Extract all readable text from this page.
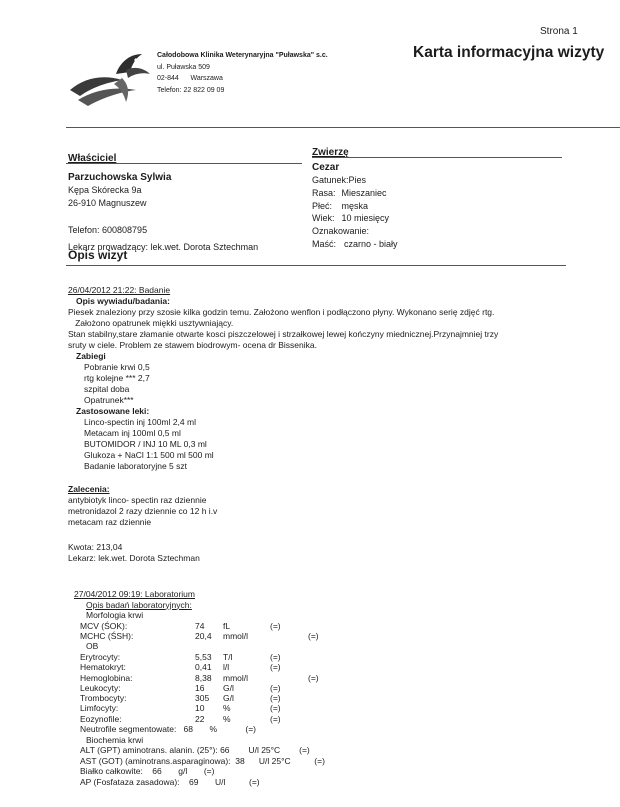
Strona 1
Całodobowa Klinika Weterynaryjna "Puławska" s.c.
ul. Puławska 509
02-844 Warszawa
Telefon: 22 822 09 09
Karta informacyjna wizyty
Właściciel
Parzuchowska Sylwia
Kępa Skórecka 9a
26-910 Magnuszew
Telefon: 600808795
Lekarz prowadzący: lek.wet. Dorota Sztechman
Zwierzę
Cezar
Gatunek:Pies
Rasa:	Mieszaniec
Płeć:	męska
Wiek:	10 miesięcy
Oznakowanie:
Maść:	czarno - biały
Opis wizyt
26/04/2012 21:22: Badanie
Opis wywiadu/badania:
Piesek znaleziony przy szosie kilka godzin temu. Założono wenflon i podłączono płyny. Wykonano serię zdjęć rtg.
Założono opatrunek miękki usztywniający.
Stan stabilny,stare złamanie otwarte kosci piszczelowej i strzałkowej lewej kończyny miednicznej.Przynajmniej trzy
sruty w ciele. Problem ze stawem biodrowym- ocena dr Bissenika.
Zabiegi
Pobranie krwi 0,5
rtg kolejne *** 2,7
szpital doba
Opatrunek***
Zastosowane leki:
Linco-spectin inj 100ml 2,4 ml
Metacam inj 100ml 0,5 ml
BUTOMIDOR / INJ 10 ML 0,3 ml
Glukoza + NaCl 1:1 500 ml 500 ml
Badanie laboratoryjne 5 szt
Zalecenia:
antybiotyk linco- spectin raz dziennie
metronidazol 2 razy dziennie co 12 h i.v
metacam raz dziennie
Kwota: 213,04
Lekarz: lek.wet. Dorota Sztechman
27/04/2012 09:19: Laboratorium
Opis badań laboratoryjnych:
Morfologia krwi
MCV (ŚOK):	74	fL	(=)	
MCHC (ŚSH):	20,4	mmol/l		(=)
OB
Erytrocyty:	5,53	T/l	(=)	
Hematokryt:	0,41	l/l	(=)	
Hemoglobina:	8,38	mmol/l		(=)
Leukocyty:	16	G/l	(=)	
Trombocyty:	305	G/l	(=)	
Limfocyty:	10	%	(=)	
Eozynofile:	22	%	(=)	
Neutrofile segmentowate: 68 %	(=)
Biochemia krwi
ALT (GPT) aminotrans. alanin. (25°): 66 U/l 25°C (=)
AST (GOT) (aminotrans.asparaginowa): 38 U/l 25°C	(=)
Białko całkowite: 66 g/l (=)
AP (Fosfataza zasadowa): 69 U/l	(=)
